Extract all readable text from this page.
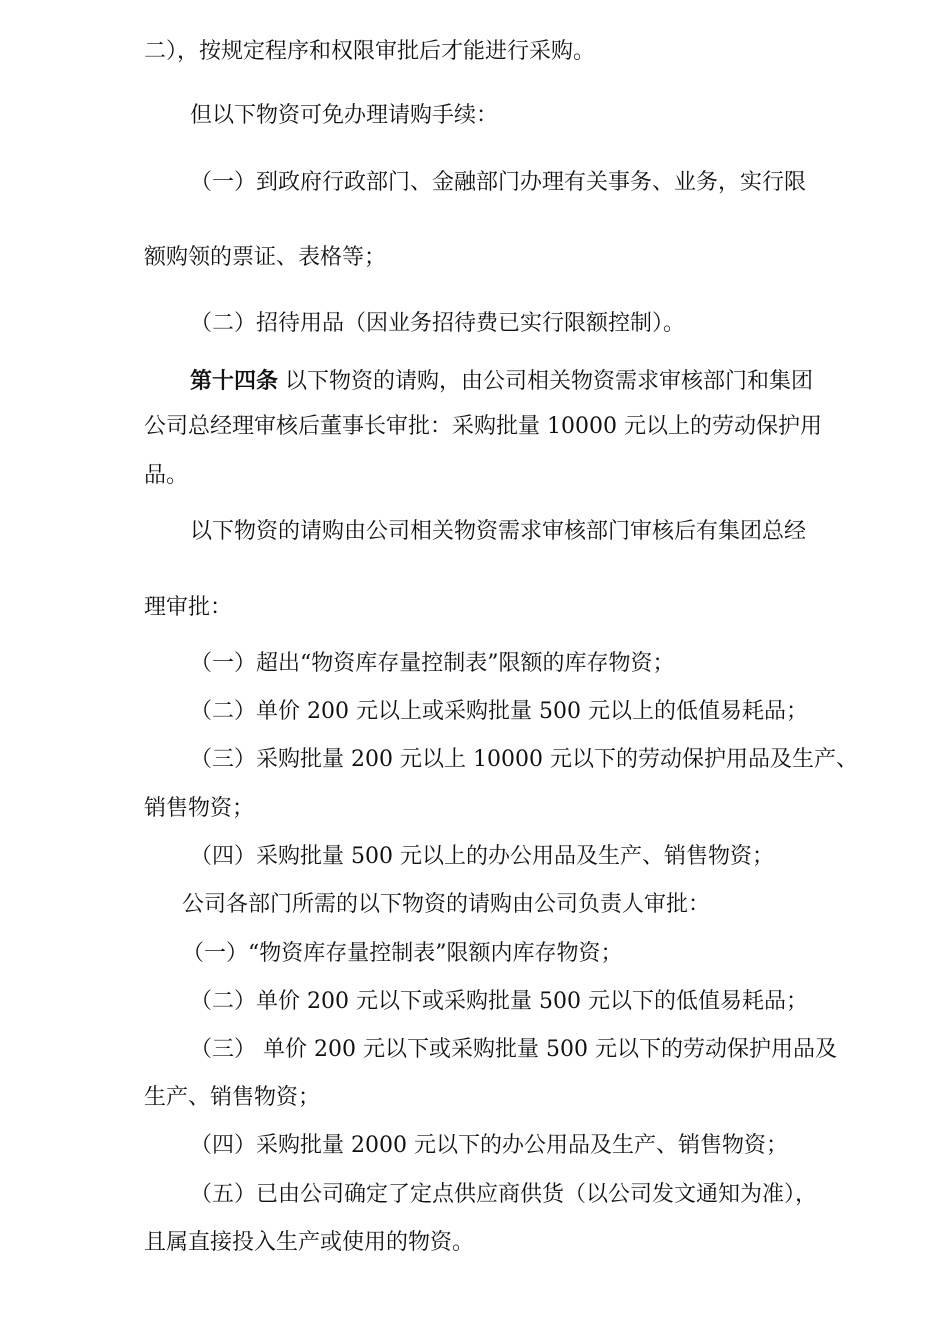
二），按规定程序和权限审批后才能进行采购。
但以下物资可免办理请购手续：
（一）到政府行政部门、金融部门办理有关事务、业务，实行限
额购领的票证、表格等；
（二）招待用品（因业务招待费已实行限额控制）。
第十四条 以下物资的请购，由公司相关物资需求审核部门和集团
公司总经理审核后董事长审批：采购批量 10000 元以上的劳动保护用
品。
以下物资的请购由公司相关物资需求审核部门审核后有集团总经
理审批：
（一）超出“物资库存量控制表”限额的库存物资；
（二）单价 200 元以上或采购批量 500 元以上的低值易耗品；
（三）采购批量 200 元以上 10000 元以下的劳动保护用品及生产、
销售物资；
（四）采购批量 500 元以上的办公用品及生产、销售物资；
公司各部门所需的以下物资的请购由公司负责人审批：
（一）“物资库存量控制表”限额内库存物资；
（二）单价 200 元以下或采购批量 500 元以下的低值易耗品；
（三） 单价 200 元以下或采购批量 500 元以下的劳动保护用品及
生产、销售物资；
（四）采购批量 2000 元以下的办公用品及生产、销售物资；
（五）已由公司确定了定点供应商供货（以公司发文通知为准），
且属直接投入生产或使用的物资。
